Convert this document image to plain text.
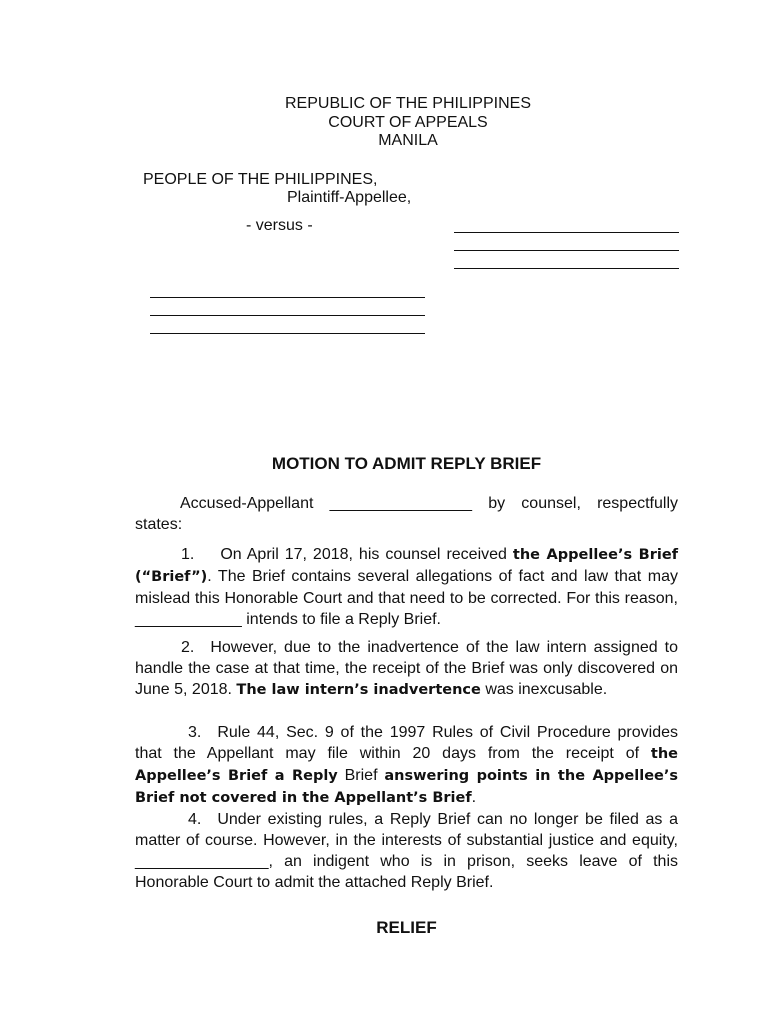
REPUBLIC OF THE PHILIPPINES
COURT OF APPEALS
MANILA
PEOPLE OF THE PHILIPPINES,
Plaintiff-Appellee,
- versus -
MOTION TO ADMIT REPLY BRIEF
Accused-Appellant ________________ by counsel, respectfully states:
1. On April 17, 2018, his counsel received the Appellee’s Brief (“Brief”). The Brief contains several allegations of fact and law that may mislead this Honorable Court and that need to be corrected. For this reason, ____________ intends to file a Reply Brief.
2. However, due to the inadvertence of the law intern assigned to handle the case at that time, the receipt of the Brief was only discovered on June 5, 2018. The law intern’s inadvertence was inexcusable.
3. Rule 44, Sec. 9 of the 1997 Rules of Civil Procedure provides that the Appellant may file within 20 days from the receipt of the Appellee’s Brief a Reply Brief answering points in the Appellee’s Brief not covered in the Appellant’s Brief.
4. Under existing rules, a Reply Brief can no longer be filed as a matter of course. However, in the interests of substantial justice and equity, _______________, an indigent who is in prison, seeks leave of this Honorable Court to admit the attached Reply Brief.
RELIEF
